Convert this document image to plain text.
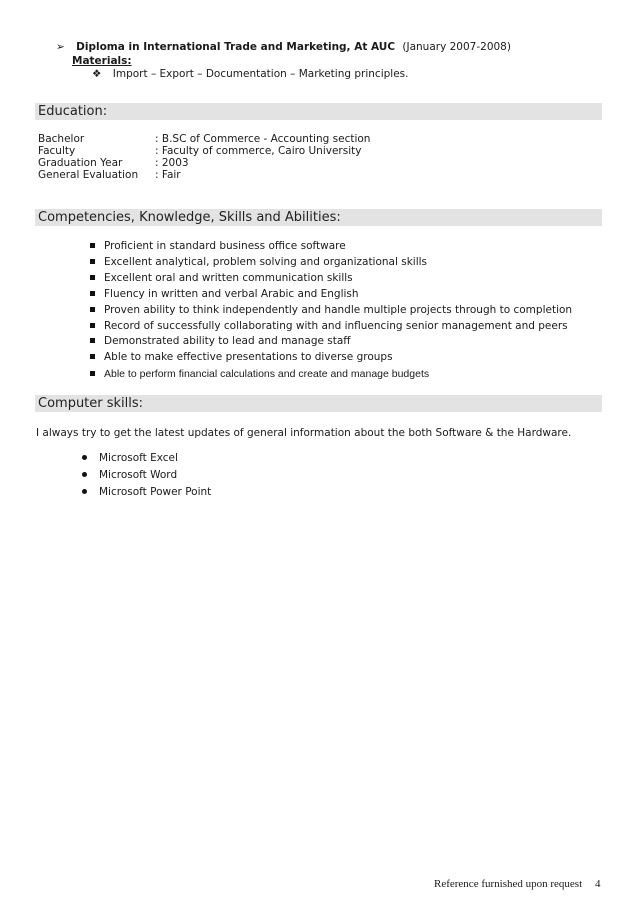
➢ Diploma in International Trade and Marketing, At AUC (January 2007-2008)
Materials:
❖ Import – Export – Documentation – Marketing principles.
Education:
Bachelor	: B.SC of Commerce - Accounting section
Faculty	: Faculty of commerce, Cairo University
Graduation Year	: 2003
General Evaluation : Fair
Competencies, Knowledge, Skills and Abilities:
Proficient in standard business office software
Excellent analytical, problem solving and organizational skills
Excellent oral and written communication skills
Fluency in written and verbal Arabic and English
Proven ability to think independently and handle multiple projects through to completion
Record of successfully collaborating with and influencing senior management and peers
Demonstrated ability to lead and manage staff
Able to make effective presentations to diverse groups
Able to perform financial calculations and create and manage budgets
Computer skills:
I always try to get the latest updates of general information about the both Software & the Hardware.
Microsoft Excel
Microsoft Word
Microsoft Power Point
Reference furnished upon request 4
